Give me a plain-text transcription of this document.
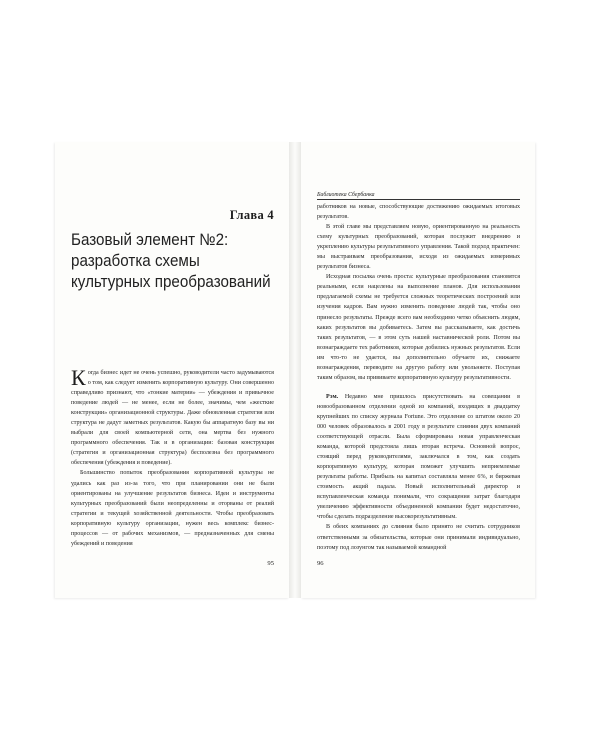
Глава 4
Базовый элемент №2:
разработка схемы
культурных преобразований

Когда бизнес идет не очень успешно, руководители часто задумываются о том, как следует изменить корпоративную культуру. Они совершенно справедливо признают, что «тонкие материи» — убеждения и привычное поведение людей — не менее, если не более, значимы, чем «жесткие конструкции» организационной структуры. Даже обновленная стратегия или структура не дадут заметных результатов. Какую бы аппаратную базу вы ни выбрали для своей компьютерной сети, она мертва без нужного программного обеспечения. Так и в организации: базовая конструкция (стратегия и организационная структура) бесполезна без программного обеспечения (убеждения и поведение).

Большинство попыток преобразования корпоративной культуры не удались как раз из-за того, что при планировании они не были ориентированы на улучшение результатов бизнеса. Идеи и инструменты культурных преобразований были неопределенны и оторваны от реалий стратегии и текущей хозяйственной деятельности. Чтобы преобразовать корпоративную культуру организации, нужен весь комплекс бизнес-процессов — от рабочих механизмов, — предназначенных для смены убеждений и поведения

95
Библиотека Сбербанка

работников на новые, способствующие достижению ожидаемых итоговых результатов.

В этой главе мы представляем новую, ориентированную на реальность схему культурных преобразований, которая послужит внедрению и укреплению культуры результативного управления. Такой подход практичен: мы выстраиваем преобразования, исходя из ожидаемых измеримых результатов бизнеса.

Исходная посылка очень проста: культурные преобразования становятся реальными, если нацелены на выполнение планов. Для использования предлагаемой схемы не требуется сложных теоретических построений или изучения кадров. Вам нужно изменить поведение людей так, чтобы оно принесло результаты. Прежде всего вам необходимо четко объяснить людям, каких результатов вы добиваетесь. Затем вы рассказываете, как достичь таких результатов, — в этом суть нашей наставнической роли. Потом вы вознаграждаете тех работников, которые добились нужных результатов. Если им что-то не удается, вы дополнительно обучаете их, снижаете вознаграждения, переводите на другую работу или увольняете. Поступая таким образом, вы прививаете корпоративную культуру результативности.

Рэм. Недавно мне пришлось присутствовать на совещании в новообразованном отделении одной из компаний, входящих в двадцатку крупнейших по списку журнала Fortune. Это отделение со штатом около 20 000 человек образовалось в 2001 году в результате слияния двух компаний соответствующей отрасли. Была сформирована новая управленческая команда, которой предстояла лишь вторая встреча. Основной вопрос, стоящий перед руководителями, заключался в том, как создать корпоративную культуру, которая поможет улучшить неприемлемые результаты работы. Прибыль на капитал составляла менее 6%, и биржевая стоимость акций падала. Новый исполнительный директор и вспупавленческая команда понимали, что сокращения затрат благодаря увеличению эффективности объединенной компании будет недостаточно, чтобы сделать подразделение высокорезультативным.

В обеих компаниях до слияния было принято не считать сотрудников ответственными за обязательства, которые они принимали индивидуально, поэтому под лозунгом так называемой командной

96
